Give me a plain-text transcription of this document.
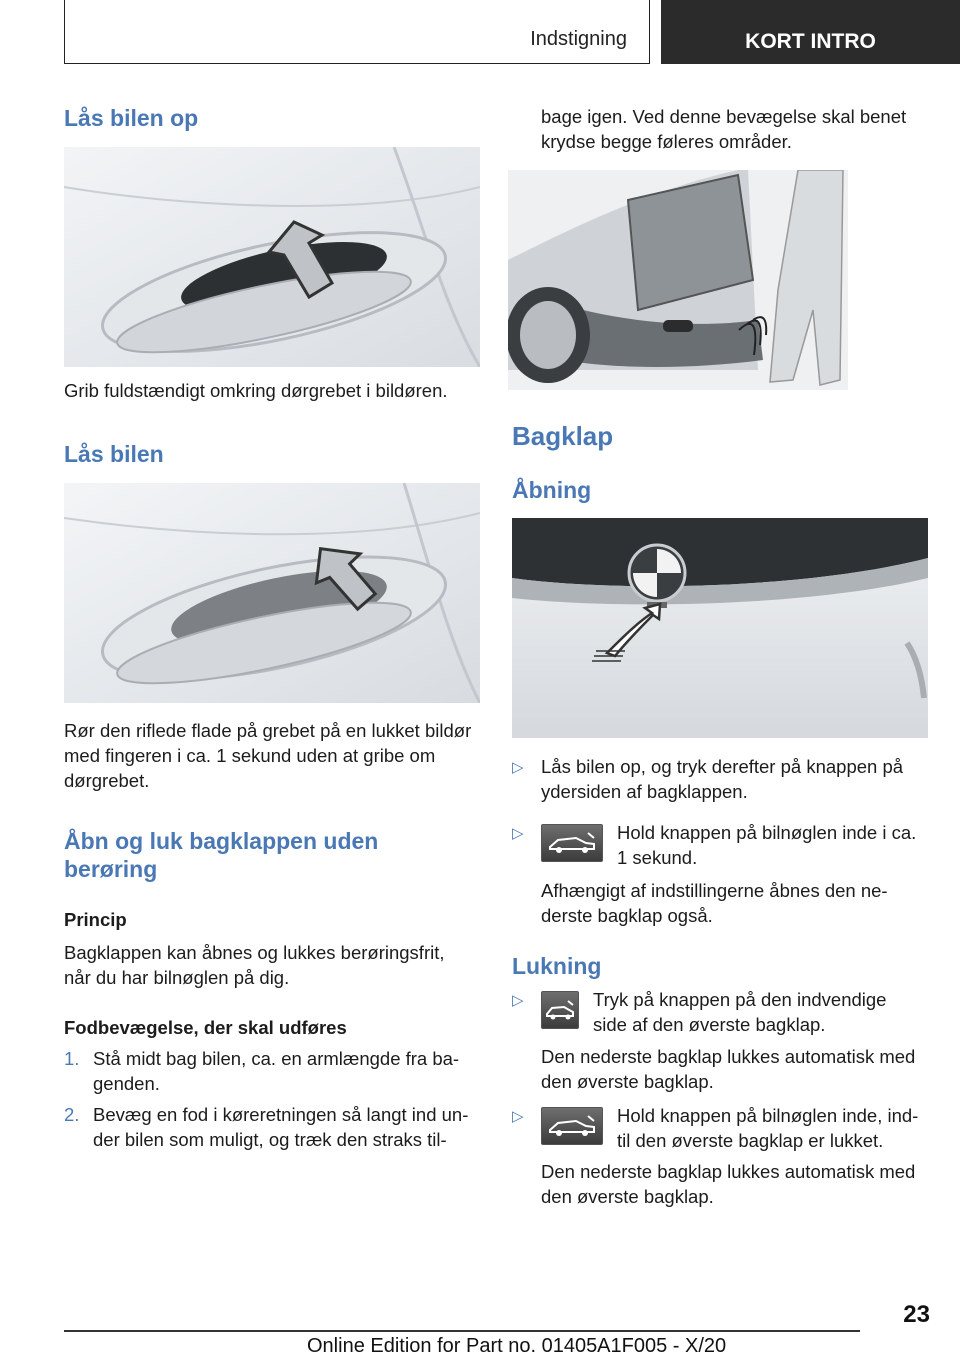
Indstigning	KORT INTRO
Lås bilen op
Grib fuldstændigt omkring dørgrebet i bildøren.
Lås bilen
Rør den riflede flade på grebet på en lukket bildør
med fingeren i ca. 1 sekund uden at gribe om
dørgrebet.
Åbn og luk bagklappen uden
berøring
Princip
Bagklappen kan åbnes og lukkes berøringsfrit,
når du har bilnøglen på dig.
Fodbevægelse, der skal udføres
1. Stå midt bag bilen, ca. en armlængde fra ba-
genden.
2. Bevæg en fod i køreretningen så langt ind un-
der bilen som muligt, og træk den straks til-
bage igen. Ved denne bevægelse skal benet
krydse begge føleres områder.
Bagklap
Åbning
▷ Lås bilen op, og tryk derefter på knappen på
ydersiden af bagklappen.
▷	Hold knappen på bilnøglen inde i ca.
1 sekund.
Afhængigt af indstillingerne åbnes den ne-
derste bagklap også.
Lukning
▷	Tryk på knappen på den indvendige
side af den øverste bagklap.
Den nederste bagklap lukkes automatisk med
den øverste bagklap.
▷	Hold knappen på bilnøglen inde, ind-
til den øverste bagklap er lukket.
Den nederste bagklap lukkes automatisk med
den øverste bagklap.
23
Online Edition for Part no. 01405A1F005 - X/20
